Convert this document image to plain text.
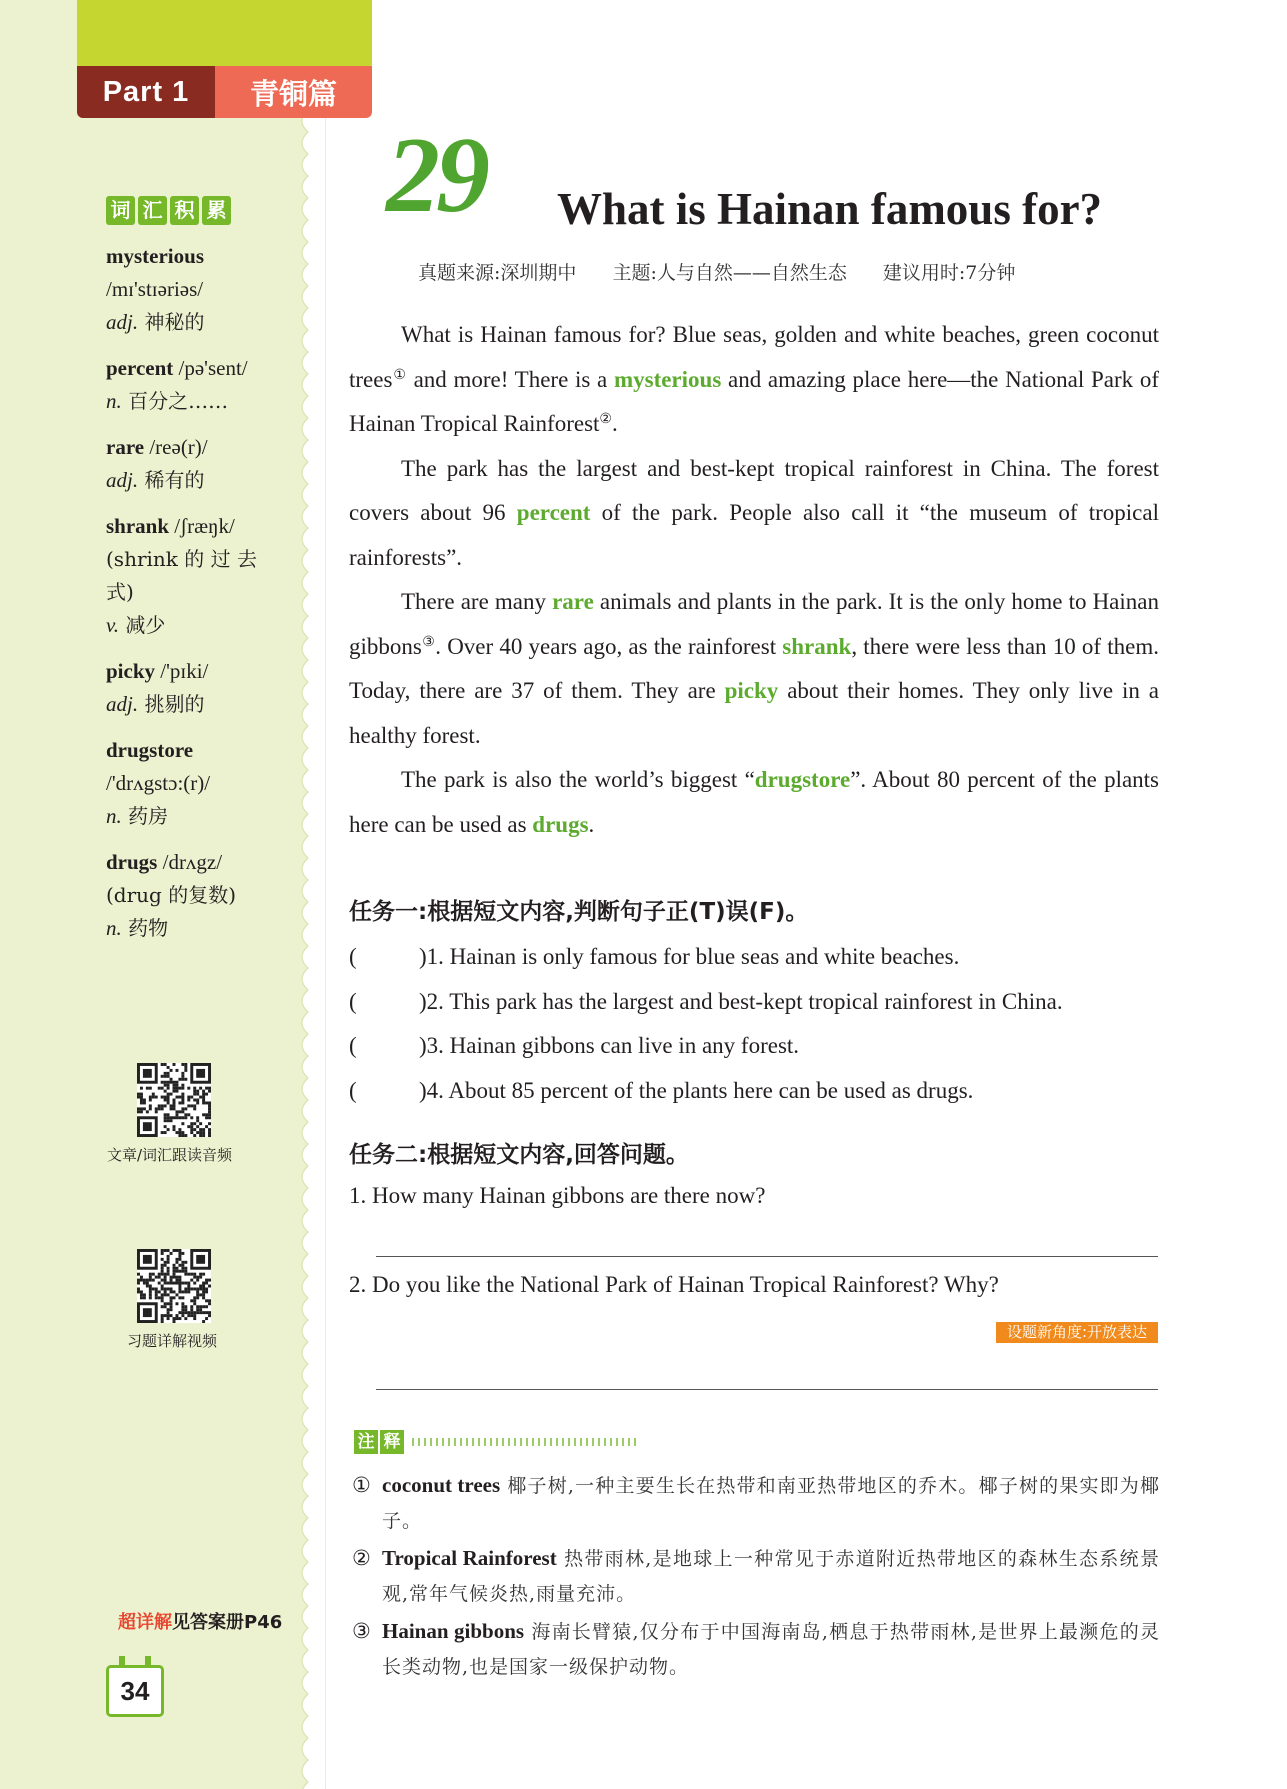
Part 1	青铜篇
词 汇 积 累
mysterious
/mɪ'stɪəriəs/
adj. 神秘的
percent /pə'sent/
n. 百分之……
rare /reə(r)/
adj. 稀有的
shrank /ʃræŋk/
(shrink 的 过 去
式)
v. 减少
picky /'pɪki/
adj. 挑剔的
drugstore
/'drʌgstɔ:(r)/
n. 药房
drugs /drʌgz/
(drug 的复数)
n. 药物
文章/词汇跟读音频
习题详解视频
超详解见答案册P46
34
29 What is Hainan famous for?
真题来源:深圳期中 主题:人与自然——自然生态 建议用时:7分钟

What is Hainan famous for? Blue seas, golden and white beaches, green coconut trees① and more! There is a mysterious and amazing place here—the National Park of Hainan Tropical Rainforest②.

The park has the largest and best-kept tropical rainforest in China. The forest covers about 96 percent of the park. People also call it “the museum of tropical rainforests”.

There are many rare animals and plants in the park. It is the only home to Hainan gibbons③. Over 40 years ago, as the rainforest shrank, there were less than 10 of them. Today, there are 37 of them. They are picky about their homes. They only live in a healthy forest.

The park is also the world’s biggest “drugstore”. About 80 percent of the plants here can be used as drugs.

任务一:根据短文内容,判断句子正(T)误(F)。
(	)1. Hainan is only famous for blue seas and white beaches.
(	)2. This park has the largest and best-kept tropical rainforest in China.
(	)3. Hainan gibbons can live in any forest.
(	)4. About 85 percent of the plants here can be used as drugs.
任务二:根据短文内容,回答问题。
1. How many Hainan gibbons are there now?
2. Do you like the National Park of Hainan Tropical Rainforest? Why?
设题新角度:开放表达
注 释
① coconut trees 椰子树,一种主要生长在热带和南亚热带地区的乔木。椰子树的果实即为椰子。
② Tropical Rainforest 热带雨林,是地球上一种常见于赤道附近热带地区的森林生态系统景观,常年气候炎热,雨量充沛。
③ Hainan gibbons 海南长臂猿,仅分布于中国海南岛,栖息于热带雨林,是世界上最濒危的灵长类动物,也是国家一级保护动物。
